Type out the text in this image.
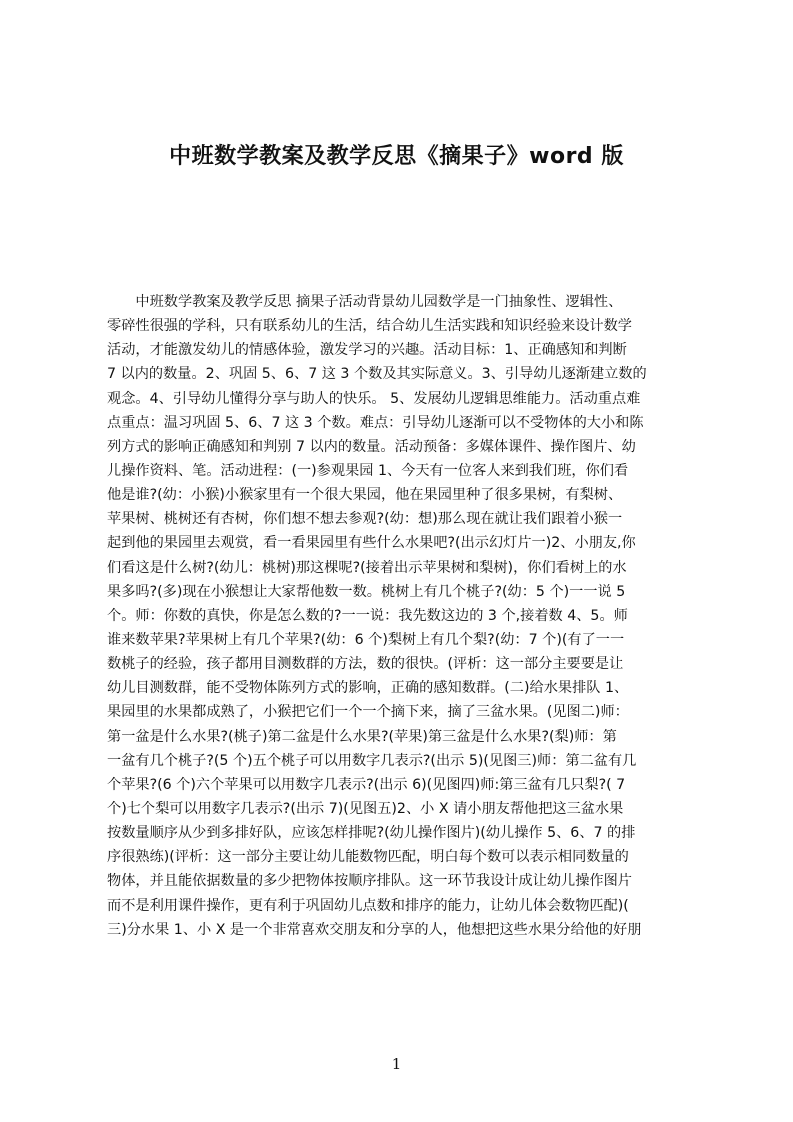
中班数学教案及教学反思《摘果子》word 版
　　中班数学教案及教学反思 摘果子活动背景幼儿园数学是一门抽象性、逻辑性、
零碎性很强的学科，只有联系幼儿的生活，结合幼儿生活实践和知识经验来设计数学
活动，才能激发幼儿的情感体验，激发学习的兴趣。活动目标：1、正确感知和判断
7 以内的数量。2、巩固 5、6、7 这 3 个数及其实际意义。3、引导幼儿逐渐建立数的
观念。4、引导幼儿懂得分享与助人的快乐。 5、发展幼儿逻辑思维能力。活动重点难
点重点：温习巩固 5、6、7 这 3 个数。难点：引导幼儿逐渐可以不受物体的大小和陈
列方式的影响正确感知和判别 7 以内的数量。活动预备：多媒体课件、操作图片、幼
儿操作资料、笔。活动进程：(一)参观果园 1、今天有一位客人来到我们班，你们看
他是谁?(幼：小猴)小猴家里有一个很大果园，他在果园里种了很多果树，有梨树、
苹果树、桃树还有杏树，你们想不想去参观?(幼：想)那么现在就让我们跟着小猴一
起到他的果园里去观赏，看一看果园里有些什么水果吧?(出示幻灯片一)2、小朋友,你
们看这是什么树?(幼儿：桃树)那这棵呢?(接着出示苹果树和梨树)，你们看树上的水
果多吗?(多)现在小猴想让大家帮他数一数。桃树上有几个桃子?(幼：5 个)一一说 5
个。师：你数的真快，你是怎么数的?一一说：我先数这边的 3 个,接着数 4、5。师
谁来数苹果?苹果树上有几个苹果?(幼：6 个)梨树上有几个梨?(幼：7 个)(有了一一
数桃子的经验，孩子都用目测数群的方法，数的很快。(评析：这一部分主要要是让
幼儿目测数群，能不受物体陈列方式的影响，正确的感知数群。(二)给水果排队 1、
果园里的水果都成熟了，小猴把它们一个一个摘下来，摘了三盆水果。(见图二)师：
第一盆是什么水果?(桃子)第二盆是什么水果?(苹果)第三盆是什么水果?(梨)师：第
一盆有几个桃子?(5 个)五个桃子可以用数字几表示?(出示 5)(见图三)师：第二盆有几
个苹果?(6 个)六个苹果可以用数字几表示?(出示 6)(见图四)师:第三盆有几只梨?( 7
个)七个梨可以用数字几表示?(出示 7)(见图五)2、小 X 请小朋友帮他把这三盆水果
按数量顺序从少到多排好队，应该怎样排呢?(幼儿操作图片)(幼儿操作 5、6、7 的排
序很熟练)(评析：这一部分主要让幼儿能数物匹配，明白每个数可以表示相同数量的
物体，并且能依据数量的多少把物体按顺序排队。这一环节我设计成让幼儿操作图片
而不是利用课件操作，更有利于巩固幼儿点数和排序的能力，让幼儿体会数物匹配)(
三)分水果 1、小 X 是一个非常喜欢交朋友和分享的人，他想把这些水果分给他的好朋
1
